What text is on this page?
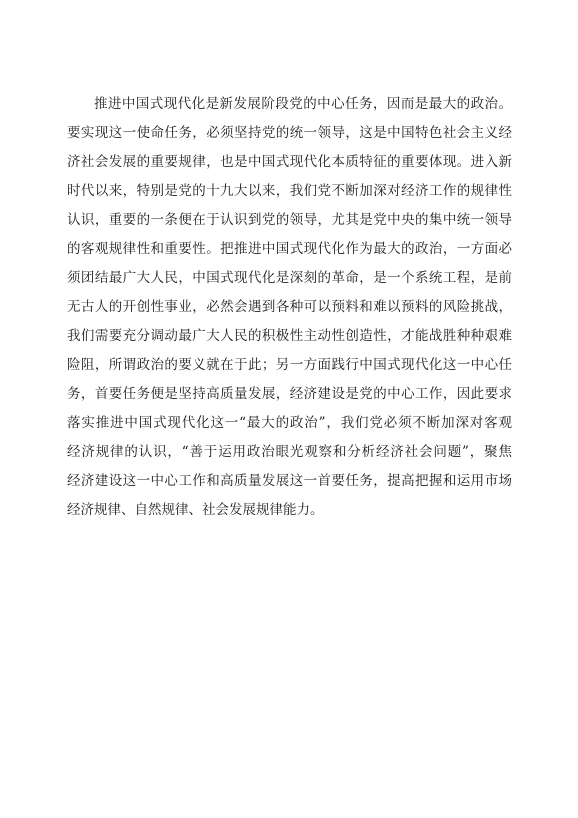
推进中国式现代化是新发展阶段党的中心任务，因而是最大的政治。
要实现这一使命任务，必须坚持党的统一领导，这是中国特色社会主义经
济社会发展的重要规律，也是中国式现代化本质特征的重要体现。进入新
时代以来，特别是党的十九大以来，我们党不断加深对经济工作的规律性
认识，重要的一条便在于认识到党的领导，尤其是党中央的集中统一领导
的客观规律性和重要性。把推进中国式现代化作为最大的政治，一方面必
须团结最广大人民，中国式现代化是深刻的革命，是一个系统工程，是前
无古人的开创性事业，必然会遇到各种可以预料和难以预料的风险挑战，
我们需要充分调动最广大人民的积极性主动性创造性，才能战胜种种艰难
险阻，所谓政治的要义就在于此；另一方面践行中国式现代化这一中心任
务，首要任务便是坚持高质量发展，经济建设是党的中心工作，因此要求
落实推进中国式现代化这一“最大的政治”，我们党必须不断加深对客观
经济规律的认识，“善于运用政治眼光观察和分析经济社会问题”，聚焦
经济建设这一中心工作和高质量发展这一首要任务，提高把握和运用市场
经济规律、自然规律、社会发展规律能力。
